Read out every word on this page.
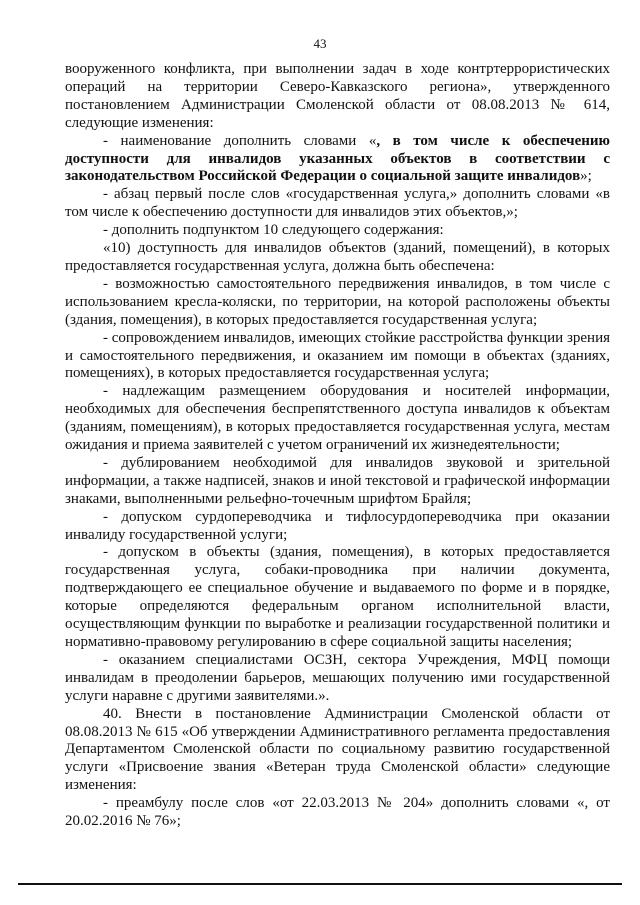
43

вооруженного конфликта, при выполнении задач в ходе контртеррористических

операций на территории Северо-Кавказского региона», утвержденного

постановлением Администрации Смоленской области от 08.08.2013 № 614,

следующие изменения:

- наименование дополнить словами «, в том числе к обеспечению

доступности для инвалидов указанных объектов в соответствии с

законодательством Российской Федерации о социальной защите инвалидов»;

- абзац первый после слов «государственная услуга,» дополнить словами «в

том числе к обеспечению доступности для инвалидов этих объектов,»;

- дополнить подпунктом 10 следующего содержания:

«10) доступность для инвалидов объектов (зданий, помещений), в которых

предоставляется государственная услуга, должна быть обеспечена:

- возможностью самостоятельного передвижения инвалидов, в том числе с

использованием кресла-коляски, по территории, на которой расположены объекты

(здания, помещения), в которых предоставляется государственная услуга;

- сопровождением инвалидов, имеющих стойкие расстройства функции зрения

и самостоятельного передвижения, и оказанием им помощи в объектах (зданиях,

помещениях), в которых предоставляется государственная услуга;

- надлежащим размещением оборудования и носителей информации,

необходимых для обеспечения беспрепятственного доступа инвалидов к объектам

(зданиям, помещениям), в которых предоставляется государственная услуга, местам

ожидания и приема заявителей с учетом ограничений их жизнедеятельности;

- дублированием необходимой для инвалидов звуковой и зрительной

информации, а также надписей, знаков и иной текстовой и графической информации

знаками, выполненными рельефно-точечным шрифтом Брайля;

- допуском сурдопереводчика и тифлосурдопереводчика при оказании

инвалиду государственной услуги;

- допуском в объекты (здания, помещения), в которых предоставляется

государственная услуга, собаки-проводника при наличии документа,

подтверждающего ее специальное обучение и выдаваемого по форме и в порядке,

которые определяются федеральным органом исполнительной власти,

осуществляющим функции по выработке и реализации государственной политики и

нормативно-правовому регулированию в сфере социальной защиты населения;

- оказанием специалистами ОСЗН, сектора Учреждения, МФЦ помощи

инвалидам в преодолении барьеров, мешающих получению ими государственной

услуги наравне с другими заявителями.».

40. Внести в постановление Администрации Смоленской области от

08.08.2013 № 615 «Об утверждении Административного регламента предоставления

Департаментом Смоленской области по социальному развитию государственной

услуги «Присвоение звания «Ветеран труда Смоленской области» следующие

изменения:

- преамбулу после слов «от 22.03.2013 № 204» дополнить словами «, от

20.02.2016 № 76»;
